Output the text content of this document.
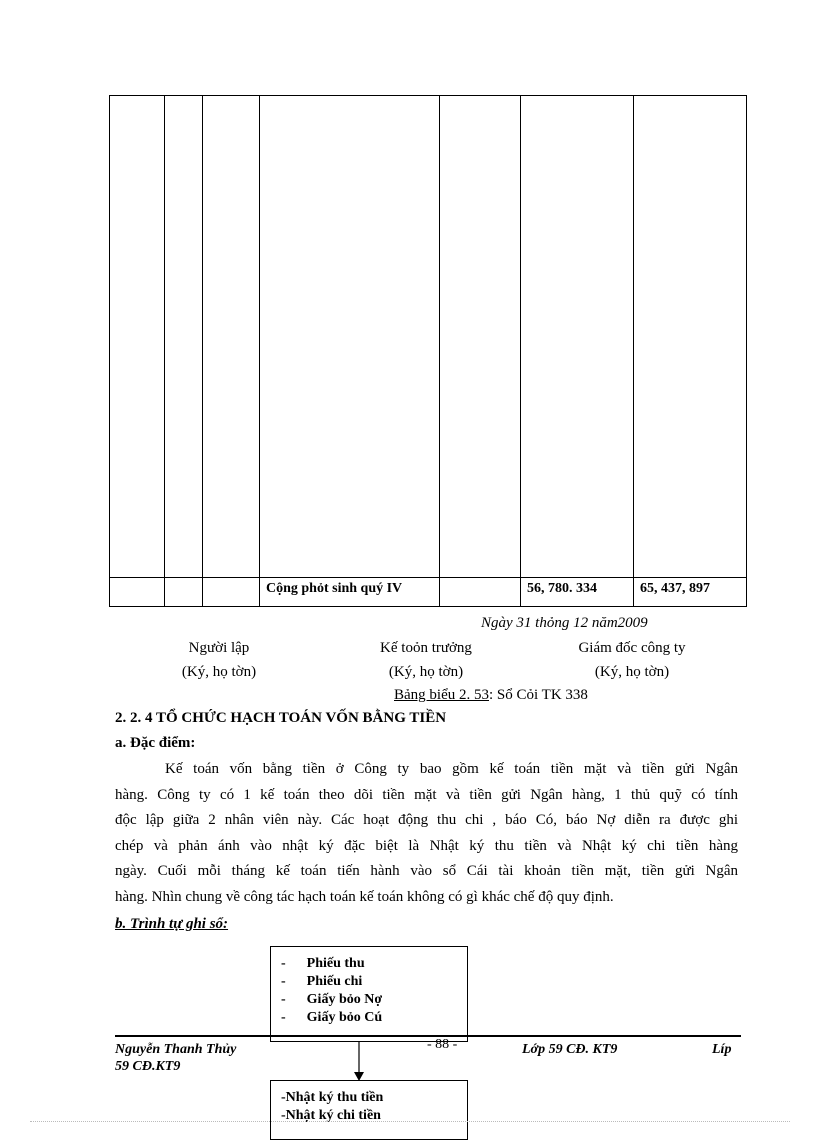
Cộng phỏt sinh quý IV	56, 780. 334	65, 437, 897
Ngày 31 thỏng 12 năm2009
Người lập	Kế toỏn trưởng	Giám đốc công ty
(Ký, họ tờn)	(Ký, họ tờn)	(Ký, họ tờn)
Bảng biểu 2. 53: Sổ Cỏi TK 338
2. 2. 4 TỔ CHỨC HẠCH TOÁN VỐN BẰNG TIỀN
a. Đặc điểm:
Kế toán vốn bằng tiền ở Công ty bao gồm kế toán tiền mặt và tiền gửi Ngân
hàng. Công ty có 1 kế toán theo dõi tiền mặt và tiền gửi Ngân hàng, 1 thủ quỹ có tính
độc lập giữa 2 nhân viên này. Các hoạt động thu chi , báo Có, báo Nợ diễn ra được ghi
chép và phản ánh vào nhật ký đặc biệt là Nhật ký thu tiền và Nhật ký chi tiền hàng
ngày. Cuối mỗi tháng kế toán tiến hành vào sổ Cái tài khoản tiền mặt, tiền gửi Ngân
hàng. Nhìn chung về công tác hạch toán kế toán không có gì khác chế độ quy định.
b. Trình tự ghi sổ:
-      Phiếu thu
-      Phiếu chi
-      Giấy bỏo Nợ
-      Giấy bỏo Cú
Nguyễn Thanh Thủy
59 CĐ.KT9
- 88 -	Lớp 59 CĐ. KT9	Líp
-Nhật ký thu tiền
-Nhật ký chi tiền
